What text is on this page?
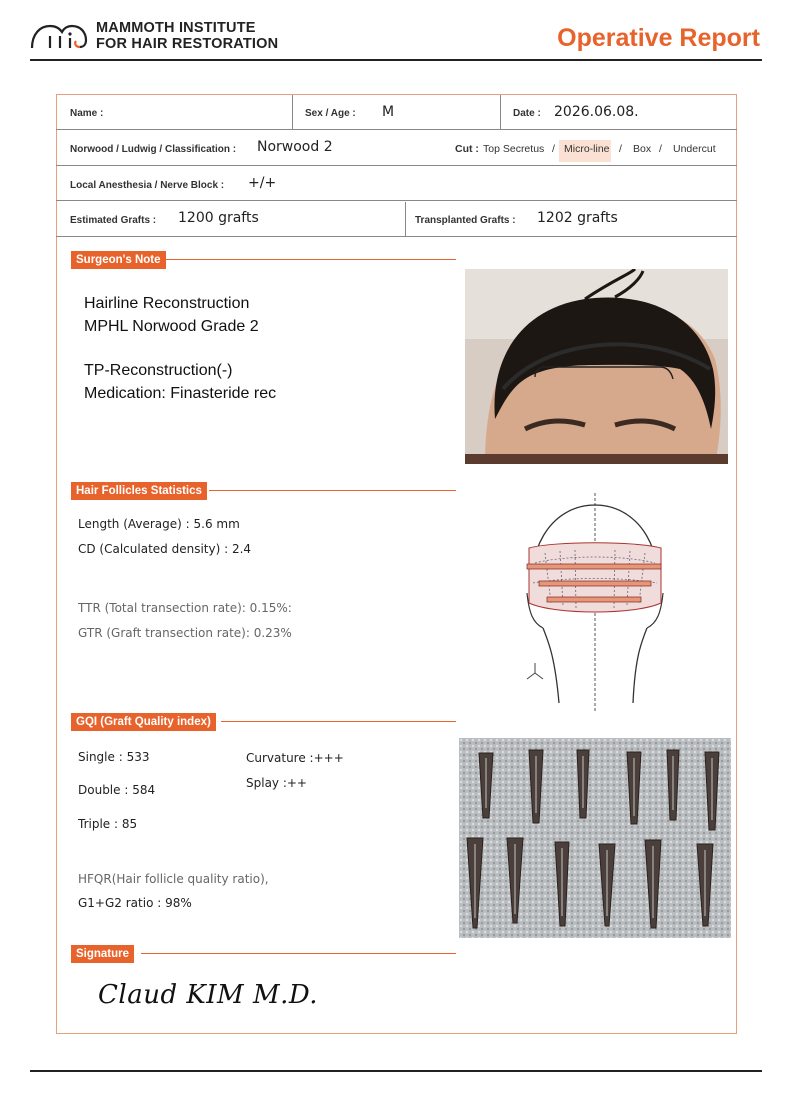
MAMMOTH INSTITUTE
FOR HAIR RESTORATION	Operative Report
Name :	Sex / Age : M	Date : 2026.06.08.
Norwood / Ludwig / Classification : Norwood 2	Cut : Top Secretus / Micro-line / Box / Undercut
Local Anesthesia / Nerve Block : +/+
Estimated Grafts : 1200 grafts	Transplanted Grafts : 1202 grafts
Surgeon's Note
Hairline Reconstruction
MPHL Norwood Grade 2
TP-Reconstruction(-)
Medication: Finasteride rec
Hair Follicles Statistics
Length (Average) : 5.6 mm
CD (Calculated density) : 2.4
TTR (Total transection rate): 0.15%:
GTR (Graft transection rate): 0.23%
GQI (Graft Quality index)
Single : 533
Double : 584
Triple : 85
Curvature :+++
Splay :++
HFQR(Hair follicle quality ratio),
G1+G2 ratio : 98%
Signature
Claud KIM M.D.
